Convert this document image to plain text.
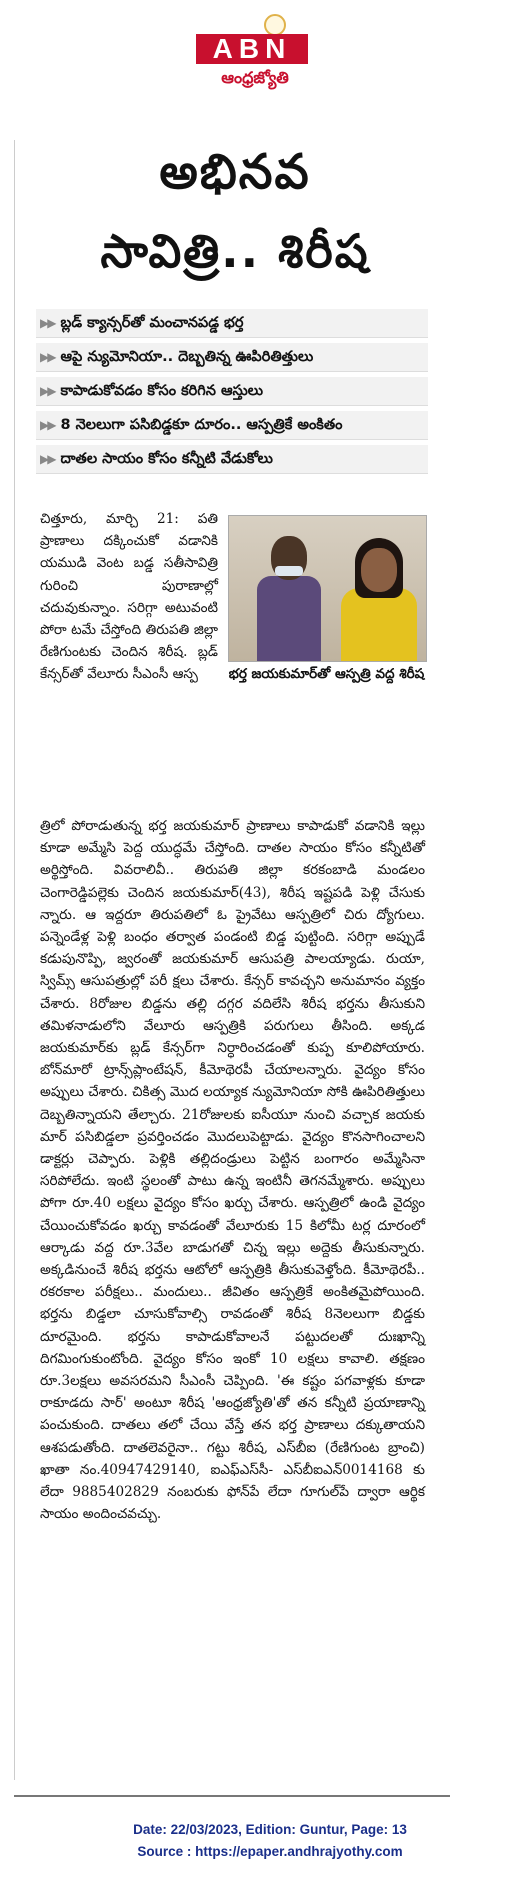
ABN
ఆంధ్రజ్యోతి
అభినవ
సావిత్రి.. శిరీష
▶▶ బ్లడ్ క్యాన్సర్‌తో మంచానపడ్డ భర్త
▶▶ ఆపై న్యుమోనియా.. దెబ్బతిన్న ఊపిరితిత్తులు
▶▶ కాపాడుకోవడం కోసం కరిగిన ఆస్తులు
▶▶ 8 నెలలుగా పసిబిడ్డకూ దూరం.. ఆస్పత్రికే అంకితం
▶▶ దాతల సాయం కోసం కన్నీటి వేడుకోలు

చిత్తూరు, మార్చి 21: పతి ప్రాణాలు దక్కించుకో వడానికి యముడి వెంట బడ్డ సతీసావిత్రి గురించి పురాణాల్లో చదువుకున్నాం. సరిగ్గా అటువంటి పోరా టమే చేస్తోంది తిరుపతి జిల్లా రేణిగుంటకు చెందిన శిరీష. బ్లడ్ కేన్సర్‌తో వేలూరు సీఎంసీ ఆస్ప	భర్త జయకుమార్‌తో ఆస్పత్రి వద్ద శిరీష

త్రిలో పోరాడుతున్న భర్త జయకుమార్ ప్రాణాలు కాపాడుకో వడానికి ఇల్లు కూడా అమ్మేసి పెద్ద యుద్ధమే చేస్తోంది. దాతల సాయం కోసం కన్నీటితో అర్థిస్తోంది. వివరాలివీ.. తిరుపతి జిల్లా కరకంబాడి మండలం చెంగారెడ్డిపల్లెకు చెందిన జయకుమార్(43), శిరీష ఇష్టపడి పెళ్లి చేసుకు న్నారు. ఆ ఇద్దరూ తిరుపతిలో ఓ ప్రైవేటు ఆస్పత్రిలో చిరు ద్యోగులు. పన్నెండేళ్ల పెళ్లి బంధం తర్వాత పండంటి బిడ్డ పుట్టింది. సరిగ్గా అప్పుడే కడుపునొప్పి, జ్వరంతో జయకుమార్ ఆసుపత్రి పాలయ్యాడు. రుయా, స్విమ్స్ ఆసుపత్రుల్లో పరీ క్షలు చేశారు. కేన్సర్ కావచ్చని అనుమానం వ్యక్తం చేశారు. 8రోజుల బిడ్డను తల్లి దగ్గర వదిలేసి శిరీష భర్తను తీసుకుని తమిళనాడులోని వేలూరు ఆస్పత్రికి పరుగులు తీసింది. అక్కడ జయకుమార్‌కు బ్లడ్ కేన్సర్‌గా నిర్ధారించడంతో కుప్ప కూలిపోయారు. బోన్‌మారో ట్రాన్స్‌ప్లాంటేషన్, కీమోథెరపీ చేయాలన్నారు. వైద్యం కోసం అప్పులు చేశారు. చికిత్స మొద లయ్యాక న్యుమోనియా సోకి ఊపిరితిత్తులు దెబ్బతిన్నాయని తేల్చారు. 21రోజులకు ఐసీయూ నుంచి వచ్చాక జయకు మార్ పసిబిడ్డలా ప్రవర్తించడం మొదలుపెట్టాడు. వైద్యం కొనసాగించాలని డాక్టర్లు చెప్పారు. పెళ్లికి తల్లిదండ్రులు పెట్టిన బంగారం అమ్మేసినా సరిపోలేదు. ఇంటి స్థలంతో పాటు ఉన్న ఇంటినీ తెగనమ్మేశారు. అప్పులు పోగా రూ.40 లక్షలు వైద్యం కోసం ఖర్చు చేశారు. ఆస్పత్రిలో ఉండి వైద్యం చేయించుకోవడం ఖర్చు కావడంతో వేలూరుకు 15 కిలోమీ టర్ల దూరంలో ఆర్కాడు వద్ద రూ.3వేల బాడుగతో చిన్న ఇల్లు అద్దెకు తీసుకున్నారు. అక్కడినుంచే శిరీష భర్తను ఆటోలో ఆస్పత్రికి తీసుకువెళ్తోంది. కీమోథెరపీ.. రకరకాల పరీక్షలు.. మందులు.. జీవితం ఆస్పత్రికే అంకితమైపోయింది. భర్తను బిడ్డలా చూసుకోవాల్సి రావడంతో శిరీష 8నెలలుగా బిడ్డకు దూరమైంది. భర్తను కాపాడుకోవాలనే పట్టుదలతో దుఃఖాన్ని దిగమింగుకుంటోంది. వైద్యం కోసం ఇంకో 10 లక్షలు కావాలి. తక్షణం రూ.3లక్షలు అవసరమని సీఎంసీ చెప్పింది. 'ఈ కష్టం పగవాళ్లకు కూడా రాకూడదు సార్' అంటూ శిరీష 'ఆంధ్రజ్యోతి'తో తన కన్నీటి ప్రయాణాన్ని పంచుకుంది. దాతలు తలో చేయి వేస్తే తన భర్త ప్రాణాలు దక్కుతాయని ఆశపడుతోంది. దాతలెవరైనా.. గట్టు శిరీష, ఎస్‌బీఐ (రేణిగుంట బ్రాంచి) ఖాతా నం.40947429140, ఐఎఫ్‌ఎస్‌సీ- ఎస్‌బీఐఎన్‌0014168 కు లేదా 9885402829 నంబరుకు ఫోన్‌పే లేదా గూగుల్‌పే ద్వారా ఆర్థిక సాయం అందించవచ్చు.

Date: 22/03/2023, Edition: Guntur, Page: 13
Source : https://epaper.andhrajyothy.com
